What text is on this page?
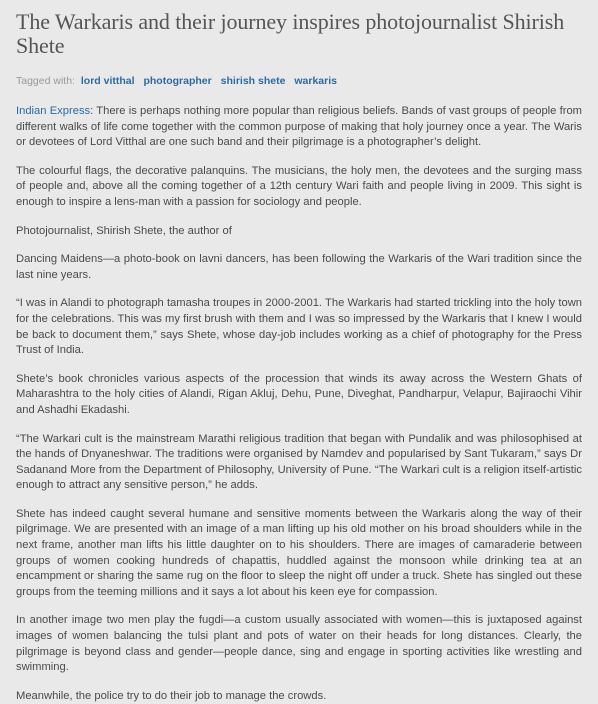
The Warkaris and their journey inspires photojournalist Shirish Shete
Tagged with: lord vitthal photographer shirish shete warkaris

Indian Express: There is perhaps nothing more popular than religious beliefs. Bands of vast groups of people from different walks of life come together with the common purpose of making that holy journey once a year. The Waris or devotees of Lord Vitthal are one such band and their pilgrimage is a photographer’s delight.

The colourful flags, the decorative palanquins. The musicians, the holy men, the devotees and the surging mass of people and, above all the coming together of a 12th century Wari faith and people living in 2009. This sight is enough to inspire a lens-man with a passion for sociology and people.

Photojournalist, Shirish Shete, the author of

Dancing Maidens—a photo-book on lavni dancers, has been following the Warkaris of the Wari tradition since the last nine years.

“I was in Alandi to photograph tamasha troupes in 2000-2001. The Warkaris had started trickling into the holy town for the celebrations. This was my first brush with them and I was so impressed by the Warkaris that I knew I would be back to document them,” says Shete, whose day-job includes working as a chief of photography for the Press Trust of India.

Shete’s book chronicles various aspects of the procession that winds its away across the Western Ghats of Maharashtra to the holy cities of Alandi, Rigan Akluj, Dehu, Pune, Diveghat, Pandharpur, Velapur, Bajiraochi Vihir and Ashadhi Ekadashi.

“The Warkari cult is the mainstream Marathi religious tradition that began with Pundalik and was philosophised at the hands of Dnyaneshwar. The traditions were organised by Namdev and popularised by Sant Tukaram,” says Dr Sadanand More from the Department of Philosophy, University of Pune. “The Warkari cult is a religion itself-artistic enough to attract any sensitive person,” he adds.

Shete has indeed caught several humane and sensitive moments between the Warkaris along the way of their pilgrimage. We are presented with an image of a man lifting up his old mother on his broad shoulders while in the next frame, another man lifts his little daughter on to his shoulders. There are images of camaraderie between groups of women cooking hundreds of chapattis, huddled against the monsoon while drinking tea at an encampment or sharing the same rug on the floor to sleep the night off under a truck. Shete has singled out these groups from the teeming millions and it says a lot about his keen eye for compassion.

In another image two men play the fugdi—a custom usually associated with women—this is juxtaposed against images of women balancing the tulsi plant and pots of water on their heads for long distances. Clearly, the pilgrimage is beyond class and gender—people dance, sing and engage in sporting activities like wrestling and swimming.

Meanwhile, the police try to do their job to manage the crowds.
